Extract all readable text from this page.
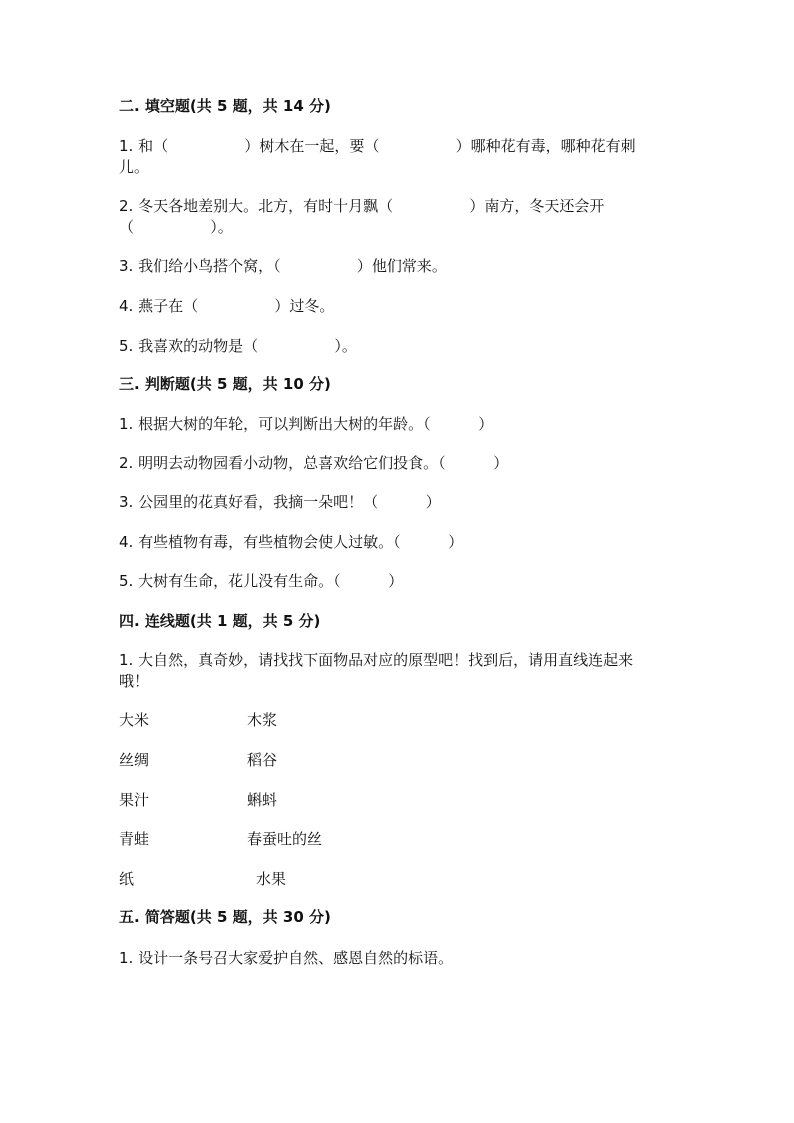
二. 填空题(共 5 题，共 14 分)
1. 和（                ）树木在一起，要（                ）哪种花有毒，哪种花有刺
儿。
2. 冬天各地差别大。北方，有时十月飘（                ）南方，冬天还会开
（                ）。
3. 我们给小鸟搭个窝，（                ）他们常来。
4. 燕子在（                ）过冬。
5. 我喜欢的动物是（                ）。
三. 判断题(共 5 题，共 10 分)
1. 根据大树的年轮，可以判断出大树的年龄。（          ）
2. 明明去动物园看小动物，总喜欢给它们投食。（          ）
3. 公园里的花真好看，我摘一朵吧！（          ）
4. 有些植物有毒，有些植物会使人过敏。（          ）
5. 大树有生命，花儿没有生命。（          ）
四. 连线题(共 1 题，共 5 分)
1. 大自然，真奇妙，请找找下面物品对应的原型吧！找到后，请用直线连起来
哦！
大米	木浆
丝绸	稻谷
果汁	蝌蚪
青蛙	春蚕吐的丝
纸	水果
五. 简答题(共 5 题，共 30 分)
1. 设计一条号召大家爱护自然、感恩自然的标语。
